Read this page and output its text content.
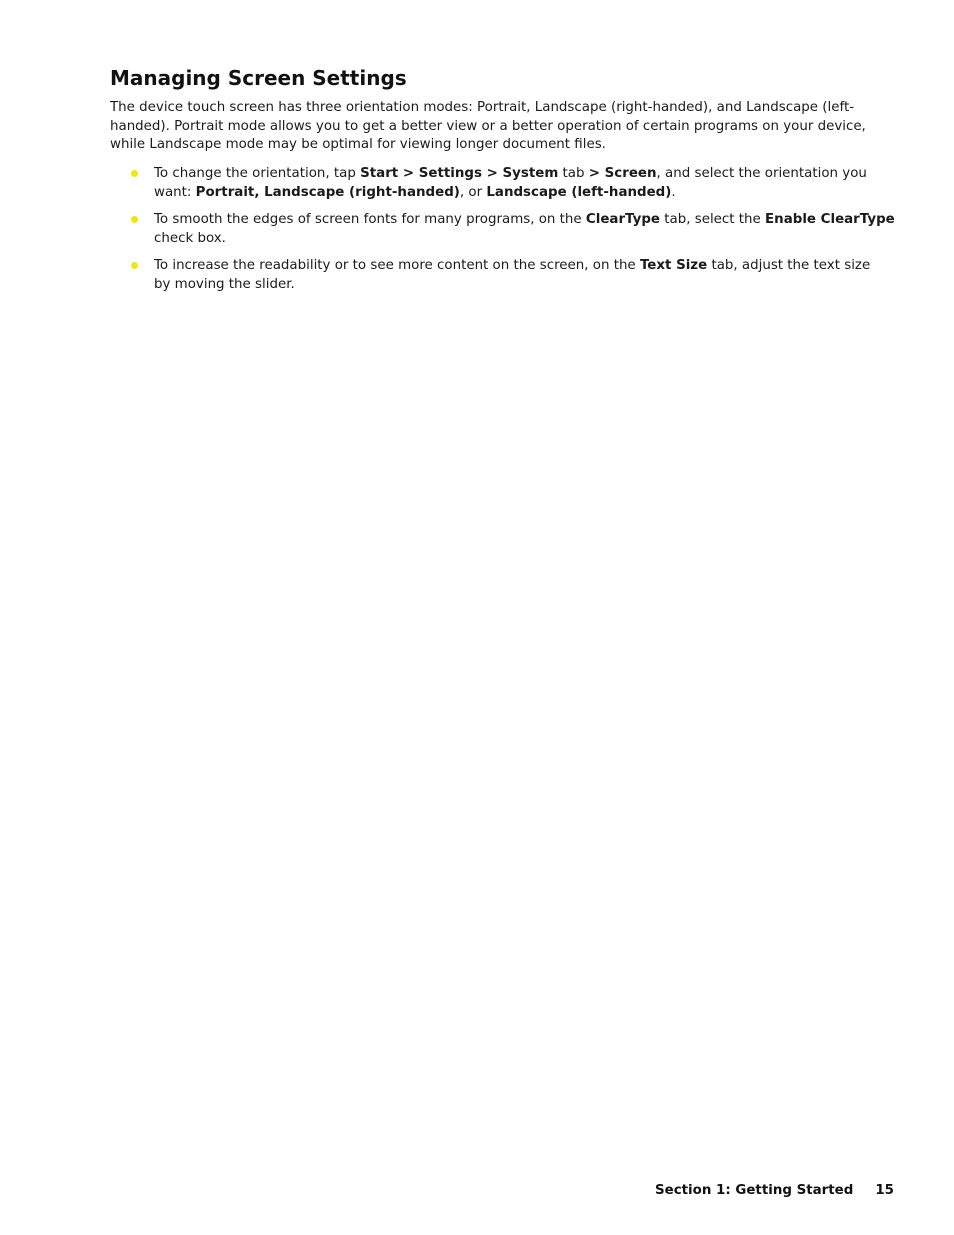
Managing Screen Settings

The device touch screen has three orientation modes: Portrait, Landscape (right-handed), and Landscape (left-
handed). Portrait mode allows you to get a better view or a better operation of certain programs on your device,
while Landscape mode may be optimal for viewing longer document files.

To change the orientation, tap Start > Settings > System tab > Screen, and select the orientation you
want: Portrait, Landscape (right-handed), or Landscape (left-handed).
To smooth the edges of screen fonts for many programs, on the ClearType tab, select the Enable ClearType
check box.
To increase the readability or to see more content on the screen, on the Text Size tab, adjust the text size
by moving the slider.
Section 1: Getting Started 15
